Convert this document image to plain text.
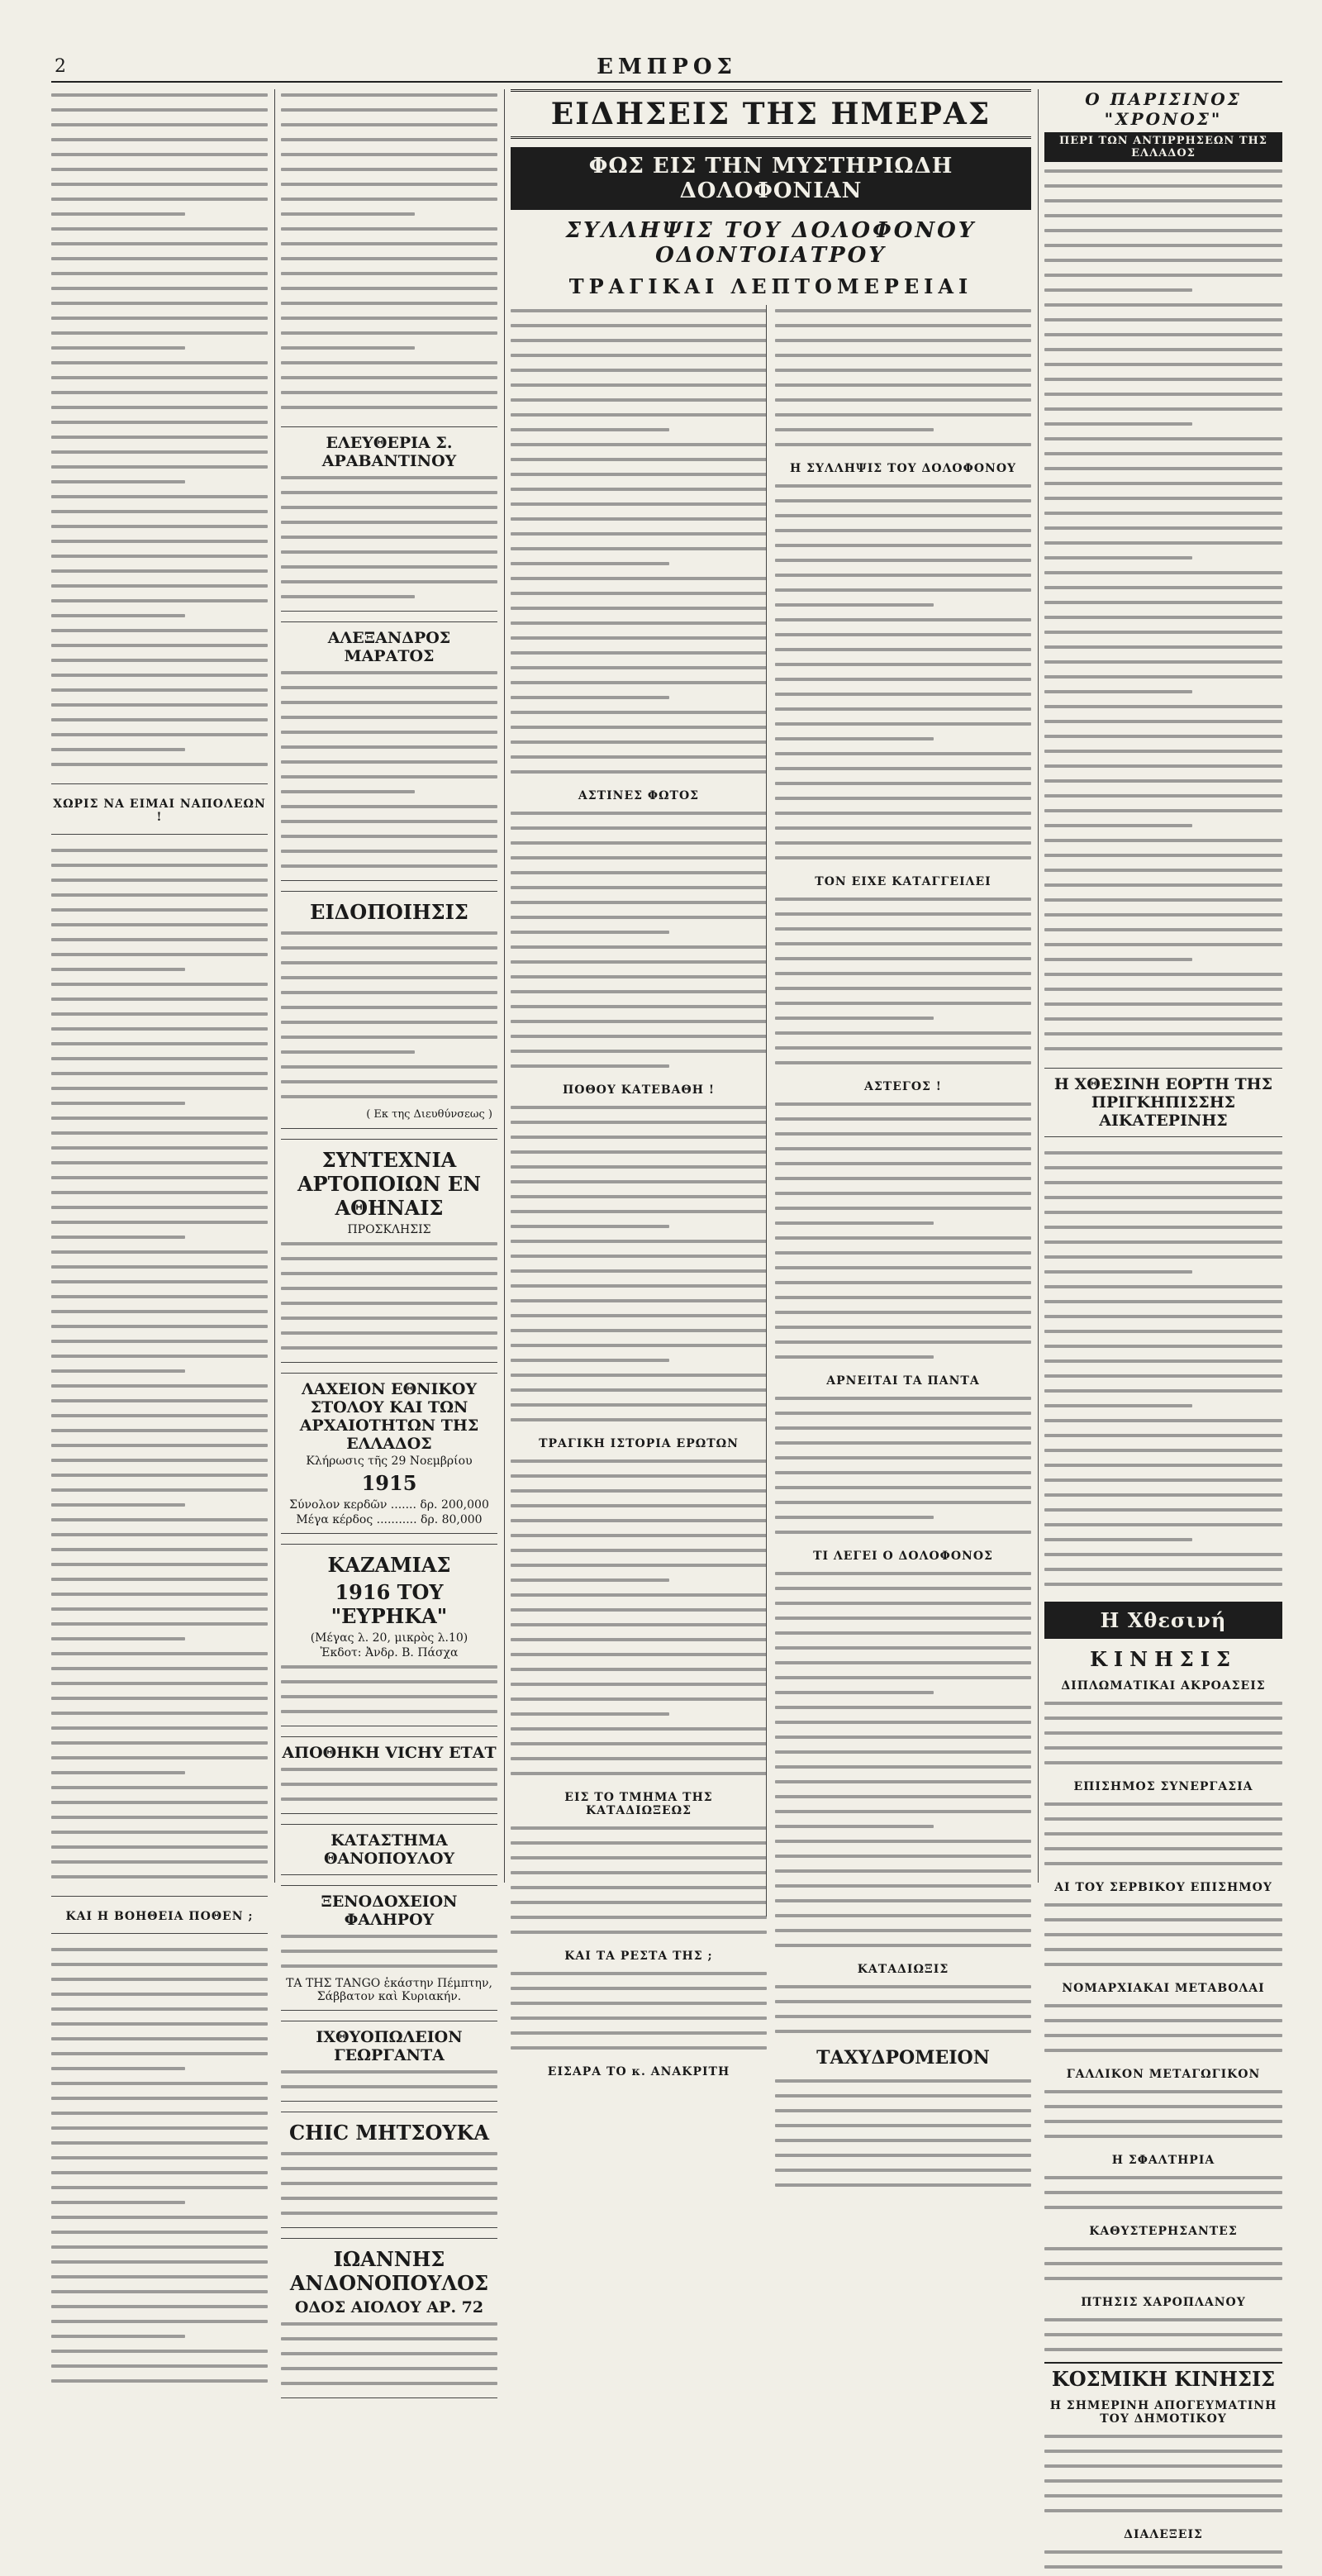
2	ΕΜΠΡΟΣ
ΧΩΡΙΣ ΝΑ ΕΙΜΑΙ ΝΑΠΟΛΕΩΝ !
ΚΑΙ Η ΒΟΗΘΕΙΑ ΠΟΘΕΝ ;
ΕΛΕΥΘΕΡΙΑ Σ. ΑΡΑΒΑΝΤΙΝΟΥ
ΑΛΕΞΑΝΔΡΟΣ ΜΑΡΑΤΟΣ
ΕΙΔΟΠΟΙΗΣΙΣ
( Εκ της Διευθύνσεως )
ΣΥΝΤΕΧΝΙΑ ΑΡΤΟΠΟΙΩΝ ΕΝ ΑΘΗΝΑΙΣ
ΠΡΟΣΚΛΗΣΙΣ
ΛΑΧΕΙΟΝ ΕΘΝΙΚΟΥ ΣΤΟΛΟΥ ΚΑΙ ΤΩΝ ΑΡΧΑΙΟΤΗΤΩΝ ΤΗΣ ΕΛΛΑΔΟΣ
Κλήρωσις τῆς 29 Νοεμβρίου
1915
Σύνολον κερδῶν ....... δρ. 200,000
Μέγα κέρδος ........... δρ. 80,000
ΚΑΖΑΜΙΑΣ
1916 ΤΟΥ "ΕΥΡΗΚΑ"
(Μέγας λ. 20, μικρὸς λ.10)
Ἐκδοτ: Ἀνδρ. Β. Πάσχα
ΑΠΟΘΗΚΗ VICHY ΕΤΑΤ
ΚΑΤΑΣΤΗΜΑ ΘΑΝΟΠΟΥΛΟΥ
ΞΕΝΟΔΟΧΕΙΟΝ ΦΑΛΗΡΟΥ
ΤΑ ΤΗΣ ΤΑΝGO ἑκάστην Πέμπτην, Σάββατον καὶ Κυριακήν.
ΙΧΘΥΟΠΩΛΕΙΟΝ ΓΕΩΡΓΑΝΤΑ
CHIC ΜΗΤΣΟΥΚΑ
ΙΩΑΝΝΗΣ ΑΝΔΟΝΟΠΟΥΛΟΣ
ΟΔΟΣ ΑΙΟΛΟΥ ΑΡ. 72
ΕΙΔΗΣΕΙΣ ΤΗΣ ΗΜΕΡΑΣ
ΦΩΣ ΕΙΣ ΤΗΝ ΜΥΣΤΗΡΙΩΔΗ ΔΟΛΟΦΟΝΙΑΝ
ΣΥΛΛΗΨΙΣ ΤΟΥ ΔΟΛΟΦΟΝΟΥ ΟΔΟΝΤΟΙΑΤΡΟΥ
ΤΡΑΓΙΚΑΙ ΛΕΠΤΟΜΕΡΕΙΑΙ
ΑΣΤΙΝΕΣ ΦΩΤΟΣ
ΠΟΘΟΥ ΚΑΤΕΒΑΘΗ !
ΤΡΑΓΙΚΗ ΙΣΤΟΡΙΑ ΕΡΩΤΩΝ
ΕΙΣ ΤΟ ΤΜΗΜΑ ΤΗΣ ΚΑΤΑΔΙΩΞΕΩΣ
ΚΑΙ ΤΑ ΡΕΣΤΑ ΤΗΣ ;
ΕΙΣΑΡΑ ΤΟ κ. ΑΝΑΚΡΙΤΗ
Η ΣΥΛΛΗΨΙΣ ΤΟΥ ΔΟΛΟΦΟΝΟΥ
ΤΟΝ ΕΙΧΕ ΚΑΤΑΓΓΕΙΛΕΙ
ΑΣΤΕΓΟΣ !
ΑΡΝΕΙΤΑΙ ΤΑ ΠΑΝΤΑ
ΤΙ ΛΕΓΕΙ Ο ΔΟΛΟΦΟΝΟΣ
ΚΑΤΑΔΙΩΞΙΣ
ΤΑΧΥΔΡΟΜΕΙΟΝ
Ο ΠΑΡΙΣΙΝΟΣ "ΧΡΟΝΟΣ"
ΠΕΡΙ ΤΩΝ ΑΝΤΙΡΡΗΣΕΩΝ ΤΗΣ ΕΛΛΑΔΟΣ
Η ΧΘΕΣΙΝΗ ΕΟΡΤΗ ΤΗΣ ΠΡΙΓΚΗΠΙΣΣΗΣ ΑΙΚΑΤΕΡΙΝΗΣ
Η Χθεσινή
ΚΙΝΗΣΙΣ
ΔΙΠΛΩΜΑΤΙΚΑΙ ΑΚΡΟΑΣΕΙΣ
ΕΠΙΣΗΜΟΣ ΣΥΝΕΡΓΑΣΙΑ
ΑΙ ΤΟΥ ΣΕΡΒΙΚΟΥ ΕΠΙΣΗΜΟΥ
ΝΟΜΑΡΧΙΑΚΑΙ ΜΕΤΑΒΟΛΑΙ
ΓΑΛΛΙΚΟΝ ΜΕΤΑΓΩΓΙΚΟΝ
Η ΣΦΑΛΤΗΡΙΑ
ΚΑΘΥΣΤΕΡΗΣΑΝΤΕΣ
ΠΤΗΣΙΣ ΧΑΡΟΠΛΑΝΟΥ
ΚΟΣΜΙΚΗ ΚΙΝΗΣΙΣ
Η ΣΗΜΕΡΙΝΗ ΑΠΟΓΕΥΜΑΤΙΝΗ ΤΟΥ ΔΗΜΟΤΙΚΟΥ
ΔΙΑΛΕΞΕΙΣ
